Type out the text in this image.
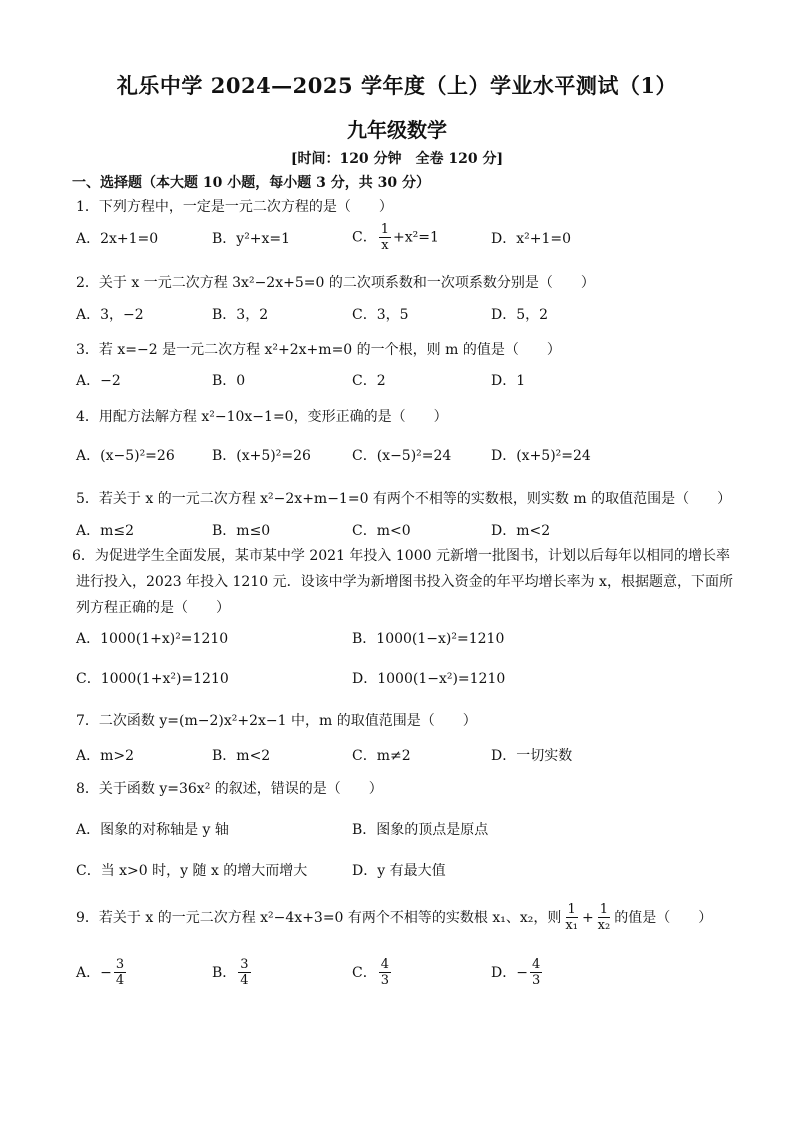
礼乐中学 2024—2025 学年度（上）学业水平测试（1）
九年级数学
[时间：120 分钟　全卷 120 分]
一、选择题（本大题 10 小题，每小题 3 分，共 30 分）
1．下列方程中，一定是一元二次方程的是（　　）
A．2x+1=0	B．y²+x=1	C． $\frac{1}{x} +x^2=1$	D．x²+1=0
2．关于 x 一元二次方程 3x²−2x+5=0 的二次项系数和一次项系数分别是（　　）
A．3，−2	B．3，2	C．3，5	D．5，2
3．若 x=−2 是一元二次方程 x²+2x+m=0 的一个根，则 m 的值是（　　）
A．−2	B．0	C．2	D．1
4．用配方法解方程 x²−10x−1=0，变形正确的是（　　）
A．(x−5)²=26	B．(x+5)²=26	C．(x−5)²=24	D．(x+5)²=24
5．若关于 x 的一元二次方程 x²−2x+m−1=0 有两个不相等的实数根，则实数 m 的取值范围是（　　）
A．m≤2	B．m≤0	C．m<0	D．m<2
6．为促进学生全面发展，某市某中学 2021 年投入 1000 元新增一批图书，计划以后每年以相同的增长率
进行投入，2023 年投入 1210 元．设该中学为新增图书投入资金的年平均增长率为 x，根据题意，下面所
列方程正确的是（　　）
A．1000(1+x)²=1210	B．1000(1−x)²=1210
C．1000(1+x²)=1210	D．1000(1−x²)=1210
7．二次函数 y=(m−2)x²+2x−1 中，m 的取值范围是（　　）
A．m>2	B．m<2	C．m≠2	D．一切实数
8．关于函数 y=36x² 的叙述，错误的是（　　）
A．图象的对称轴是 y 轴	B．图象的顶点是原点
C．当 x>0 时，y 随 x 的增大而增大	D．y 有最大值
9．若关于 x 的一元二次方程 x²−4x+3=0 有两个不相等的实数根 x₁、x₂，则 $\frac{1}{\text{x₁}} + \frac{1}{\text{x₂}}$ 的值是（　　）
A．− $\frac{3}{4}$	B． $\frac{3}{4}$	C． $\frac{4}{3}$	D．− $\frac{4}{3}$
